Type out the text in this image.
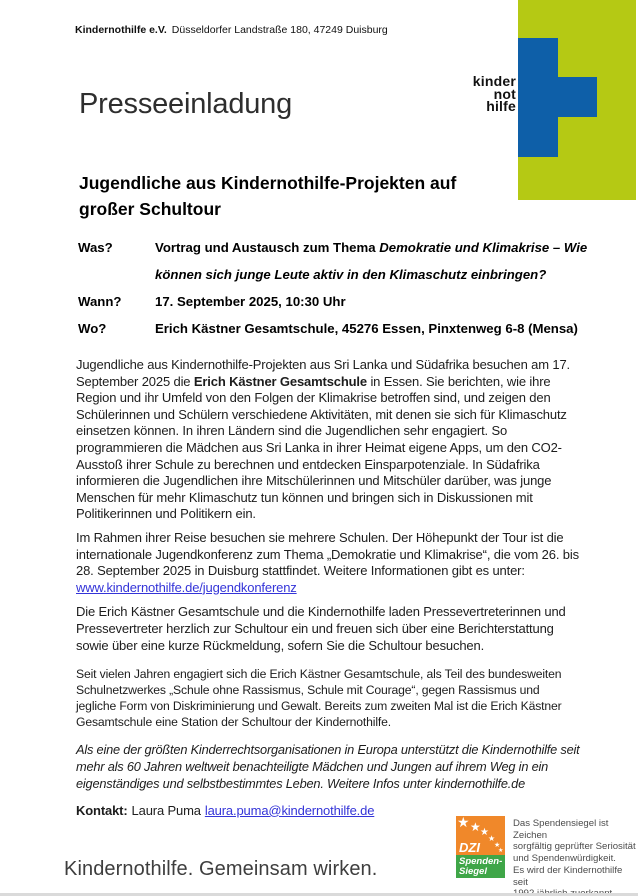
Kindernothilfe e.V. Düsseldorfer Landstraße 180, 47249 Duisburg
kinder
not
hilfe
Presseeinladung
Jugendliche aus Kindernothilfe-Projekten auf großer Schultour
Was?	Vortrag und Austausch zum Thema Demokratie und Klimakrise – Wie können sich junge Leute aktiv in den Klimaschutz einbringen?
Wann?	17. September 2025, 10:30 Uhr
Wo?	Erich Kästner Gesamtschule, 45276 Essen, Pinxtenweg 6-8 (Mensa)

Jugendliche aus Kindernothilfe-Projekten aus Sri Lanka und Südafrika besuchen am 17. September 2025 die Erich Kästner Gesamtschule in Essen. Sie berichten, wie ihre Region und ihr Umfeld von den Folgen der Klimakrise betroffen sind, und zeigen den Schülerinnen und Schülern verschiedene Aktivitäten, mit denen sie sich für Klimaschutz einsetzen können. In ihren Ländern sind die Jugendlichen sehr engagiert. So programmieren die Mädchen aus Sri Lanka in ihrer Heimat eigene Apps, um den CO2-Ausstoß ihrer Schule zu berechnen und entdecken Einsparpotenziale. In Südafrika informieren die Jugendlichen ihre Mitschülerinnen und Mitschüler darüber, was junge Menschen für mehr Klimaschutz tun können und bringen sich in Diskussionen mit Politikerinnen und Politikern ein.

Im Rahmen ihrer Reise besuchen sie mehrere Schulen. Der Höhepunkt der Tour ist die internationale Jugendkonferenz zum Thema „Demokratie und Klimakrise“, die vom 26. bis 28. September 2025 in Duisburg stattfindet. Weitere Informationen gibt es unter:
www.kindernothilfe.de/jugendkonferenz

Die Erich Kästner Gesamtschule und die Kindernothilfe laden Pressevertreterinnen und Pressevertreter herzlich zur Schultour ein und freuen sich über eine Berichterstattung sowie über eine kurze Rückmeldung, sofern Sie die Schultour besuchen.

Seit vielen Jahren engagiert sich die Erich Kästner Gesamtschule, als Teil des bundesweiten Schulnetzwerkes „Schule ohne Rassismus, Schule mit Courage“, gegen Rassismus und jegliche Form von Diskriminierung und Gewalt. Bereits zum zweiten Mal ist die Erich Kästner Gesamtschule eine Station der Schultour der Kindernothilfe.

Als eine der größten Kinderrechtsorganisationen in Europa unterstützt die Kindernothilfe seit mehr als 60 Jahren weltweit benachteiligte Mädchen und Jungen auf ihrem Weg in ein eigenständiges und selbstbestimmtes Leben. Weitere Infos unter kindernothilfe.de

Kontakt: Laura Puma laura.puma@kindernothilfe.de
★ ★ ★
★
★
★
DZI
Spenden-
Siegel
Das Spendensiegel ist Zeichen
sorgfältig geprüfter Seriosität
und Spendenwürdigkeit.
Es wird der Kindernothilfe seit
Kindernothilfe. Gemeinsam wirken.
